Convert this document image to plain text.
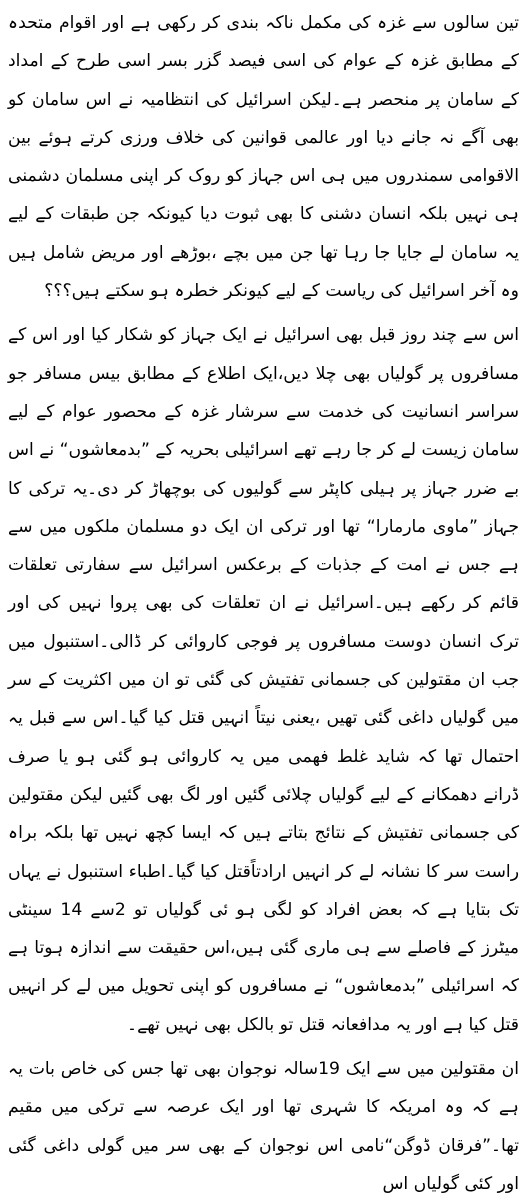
تین سالوں سے غزہ کی مکمل ناکہ بندی کر رکھی ہے اور اقوام متحدہ کے مطابق غزہ کے عوام کی اسی فیصد گزر بسر اسی طرح کے امداد کے سامان پر منحصر ہے۔لیکن اسرائیل کی انتظامیہ نے اس سامان کو بھی آگے نہ جانے دیا اور عالمی قوانین کی خلاف ورزی کرتے ہوئے بین الاقوامی سمندروں میں ہی اس جہاز کو روک کر اپنی مسلمان دشمنی ہی نہیں بلکہ انسان دشنی کا بھی ثبوت دیا کیونکہ جن طبقات کے لیے یہ سامان لے جایا جا رہا تھا جن میں بچے ،بوڑھے اور مریض شامل ہیں وہ آخر اسرائیل کی ریاست کے لیے کیونکر خطرہ ہو سکتے ہیں؟؟؟

اس سے چند روز قبل بھی اسرائیل نے ایک جہاز کو شکار کیا اور اس کے مسافروں پر گولیاں بھی چلا دیں،ایک اطلاع کے مطابق بیس مسافر جو سراسر انسانیت کی خدمت سے سرشار غزہ کے محصور عوام کے لیے سامان زیست لے کر جا رہے تھے اسرائیلی بحریہ کے ”بدمعاشوں“ نے اس بے ضرر جہاز پر ہیلی کاپٹر سے گولیوں کی بوچھاڑ کر دی۔یہ ترکی کا جہاز ”ماوی مارمارا“ تھا اور ترکی ان ایک دو مسلمان ملکوں میں سے ہے جس نے امت کے جذبات کے برعکس اسرائیل سے سفارتی تعلقات قائم کر رکھے ہیں۔اسرائیل نے ان تعلقات کی بھی پروا نہیں کی اور ترک انسان دوست مسافروں پر فوجی کاروائی کر ڈالی۔استنبول میں جب ان مقتولین کی جسمانی تفتیش کی گئی تو ان میں اکثریت کے سر میں گولیاں داغی گئی تھیں ،یعنی نیتاً انہیں قتل کیا گیا۔اس سے قبل یہ احتمال تھا کہ شاید غلط فھمی میں یہ کاروائی ہو گئی ہو یا صرف ڈرانے دھمکانے کے لیے گولیاں چلائی گئیں اور لگ بھی گئیں لیکن مقتولین کی جسمانی تفتیش کے نتائج بتاتے ہیں کہ ایسا کچھ نہیں تھا بلکہ براہ راست سر کا نشانہ لے کر انہیں ارادتاًقتل کیا گیا۔اطباء استنبول نے یہاں تک بتایا ہے کہ بعض افراد کو لگی ہو ئی گولیاں تو 2سے 14 سینٹی میٹرز کے فاصلے سے ہی ماری گئی ہیں،اس حقیقت سے اندازہ ہوتا ہے کہ اسرائیلی ”بدمعاشوں“ نے مسافروں کو اپنی تحویل میں لے کر انہیں قتل کیا ہے اور یہ مدافعانہ قتل تو بالکل بھی نہیں تھے۔

ان مقتولین میں سے ایک 19سالہ نوجوان بھی تھا جس کی خاص بات یہ ہے کہ وہ امریکہ کا شہری تھا اور ایک عرصہ سے ترکی میں مقیم تھا۔”فرقان ڈوگن“نامی اس نوجوان کے بھی سر میں گولی داغی گئی اور کئی گولیاں اس
